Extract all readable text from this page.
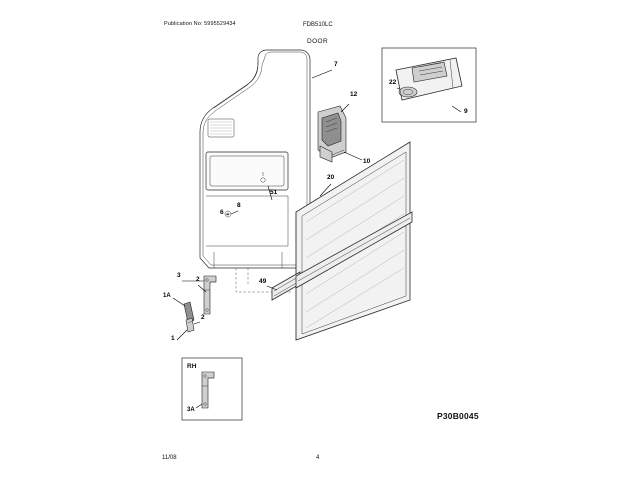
Publication No: 5995529434	FDB510LC
DOOR
7
12
22
9
10
20
51
8
6
3
2
1A
2
1
49
RH
3A
P30B0045
11/08	4
